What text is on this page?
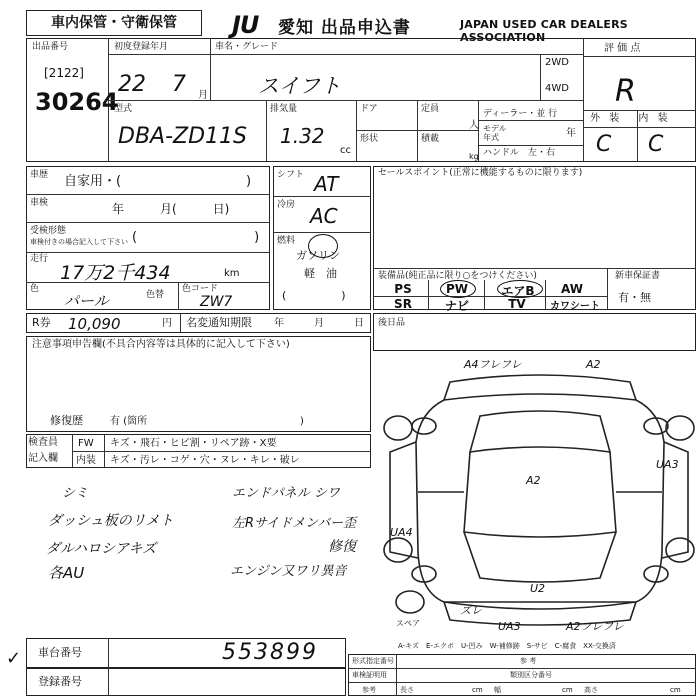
車内保管・守衛保管	JU 愛知 出品申込書	JAPAN USED CAR DEALERS ASSOCIATION
出品番号
[2122]
30264
初度登録年月
22 7 月
車名・グレード
スイフト
2WD
4WD
評 価 点
R
外 装 内 装
C C
型式
DBA-ZD11S
排気量
1.32
cc
ドア
形状
定員
人
積載
kg
ディーラー・並 行
モデル
年式	年
ハンドル　左・右
車歴 自家用・(	)
車検	年　　　月(　　　日)
受検形態
車検付きの場合記入して下さい (　　　　　　　　　)
走行
17万2千434	km
色
パール	色替
色コード
ZW7
シフト AT
冷房 AC
燃料
ガソリン
軽　油
(　　　　　)
セールスポイント(正常に機能するものに限ります)
装備品(純正品に限り○をつけください)	新車保証書
有・無
PS	PW	エアB	AW
SR	ナビ	TV	カワシート
R券 10,090	円 名変通知期限 年　　　月　　　日 後日品
注意事項申告欄(不具合内容等は具体的に記入して下さい)
修復歴	有 (箇所	)
検査員
記入欄
FW キズ・飛石・ヒビ割・リペア跡・X要
内装 キズ・汚レ・コゲ・穴・ヌレ・キレ・破レ
シミ	エンドパネル シワ
ダッシュ板のリメト	左Rサイドメンバー歪
ダルハロシアキズ	修復
各AU	エンジン又ワリ異音
A4フレフレ	A2
UA3
A2
UA4
U2
ズレ
UA3	A2フレフレ
スペア
A-キズ　E-エクボ　U-凹み　W-補修跡　S-サビ　C-腐食　XX-交換済
車台番号	553899
登録番号
形式指定番号	参 考
類別区分番号
車検証明用
参考	長さ	cm 幅	cm 高さ	cm
✓
